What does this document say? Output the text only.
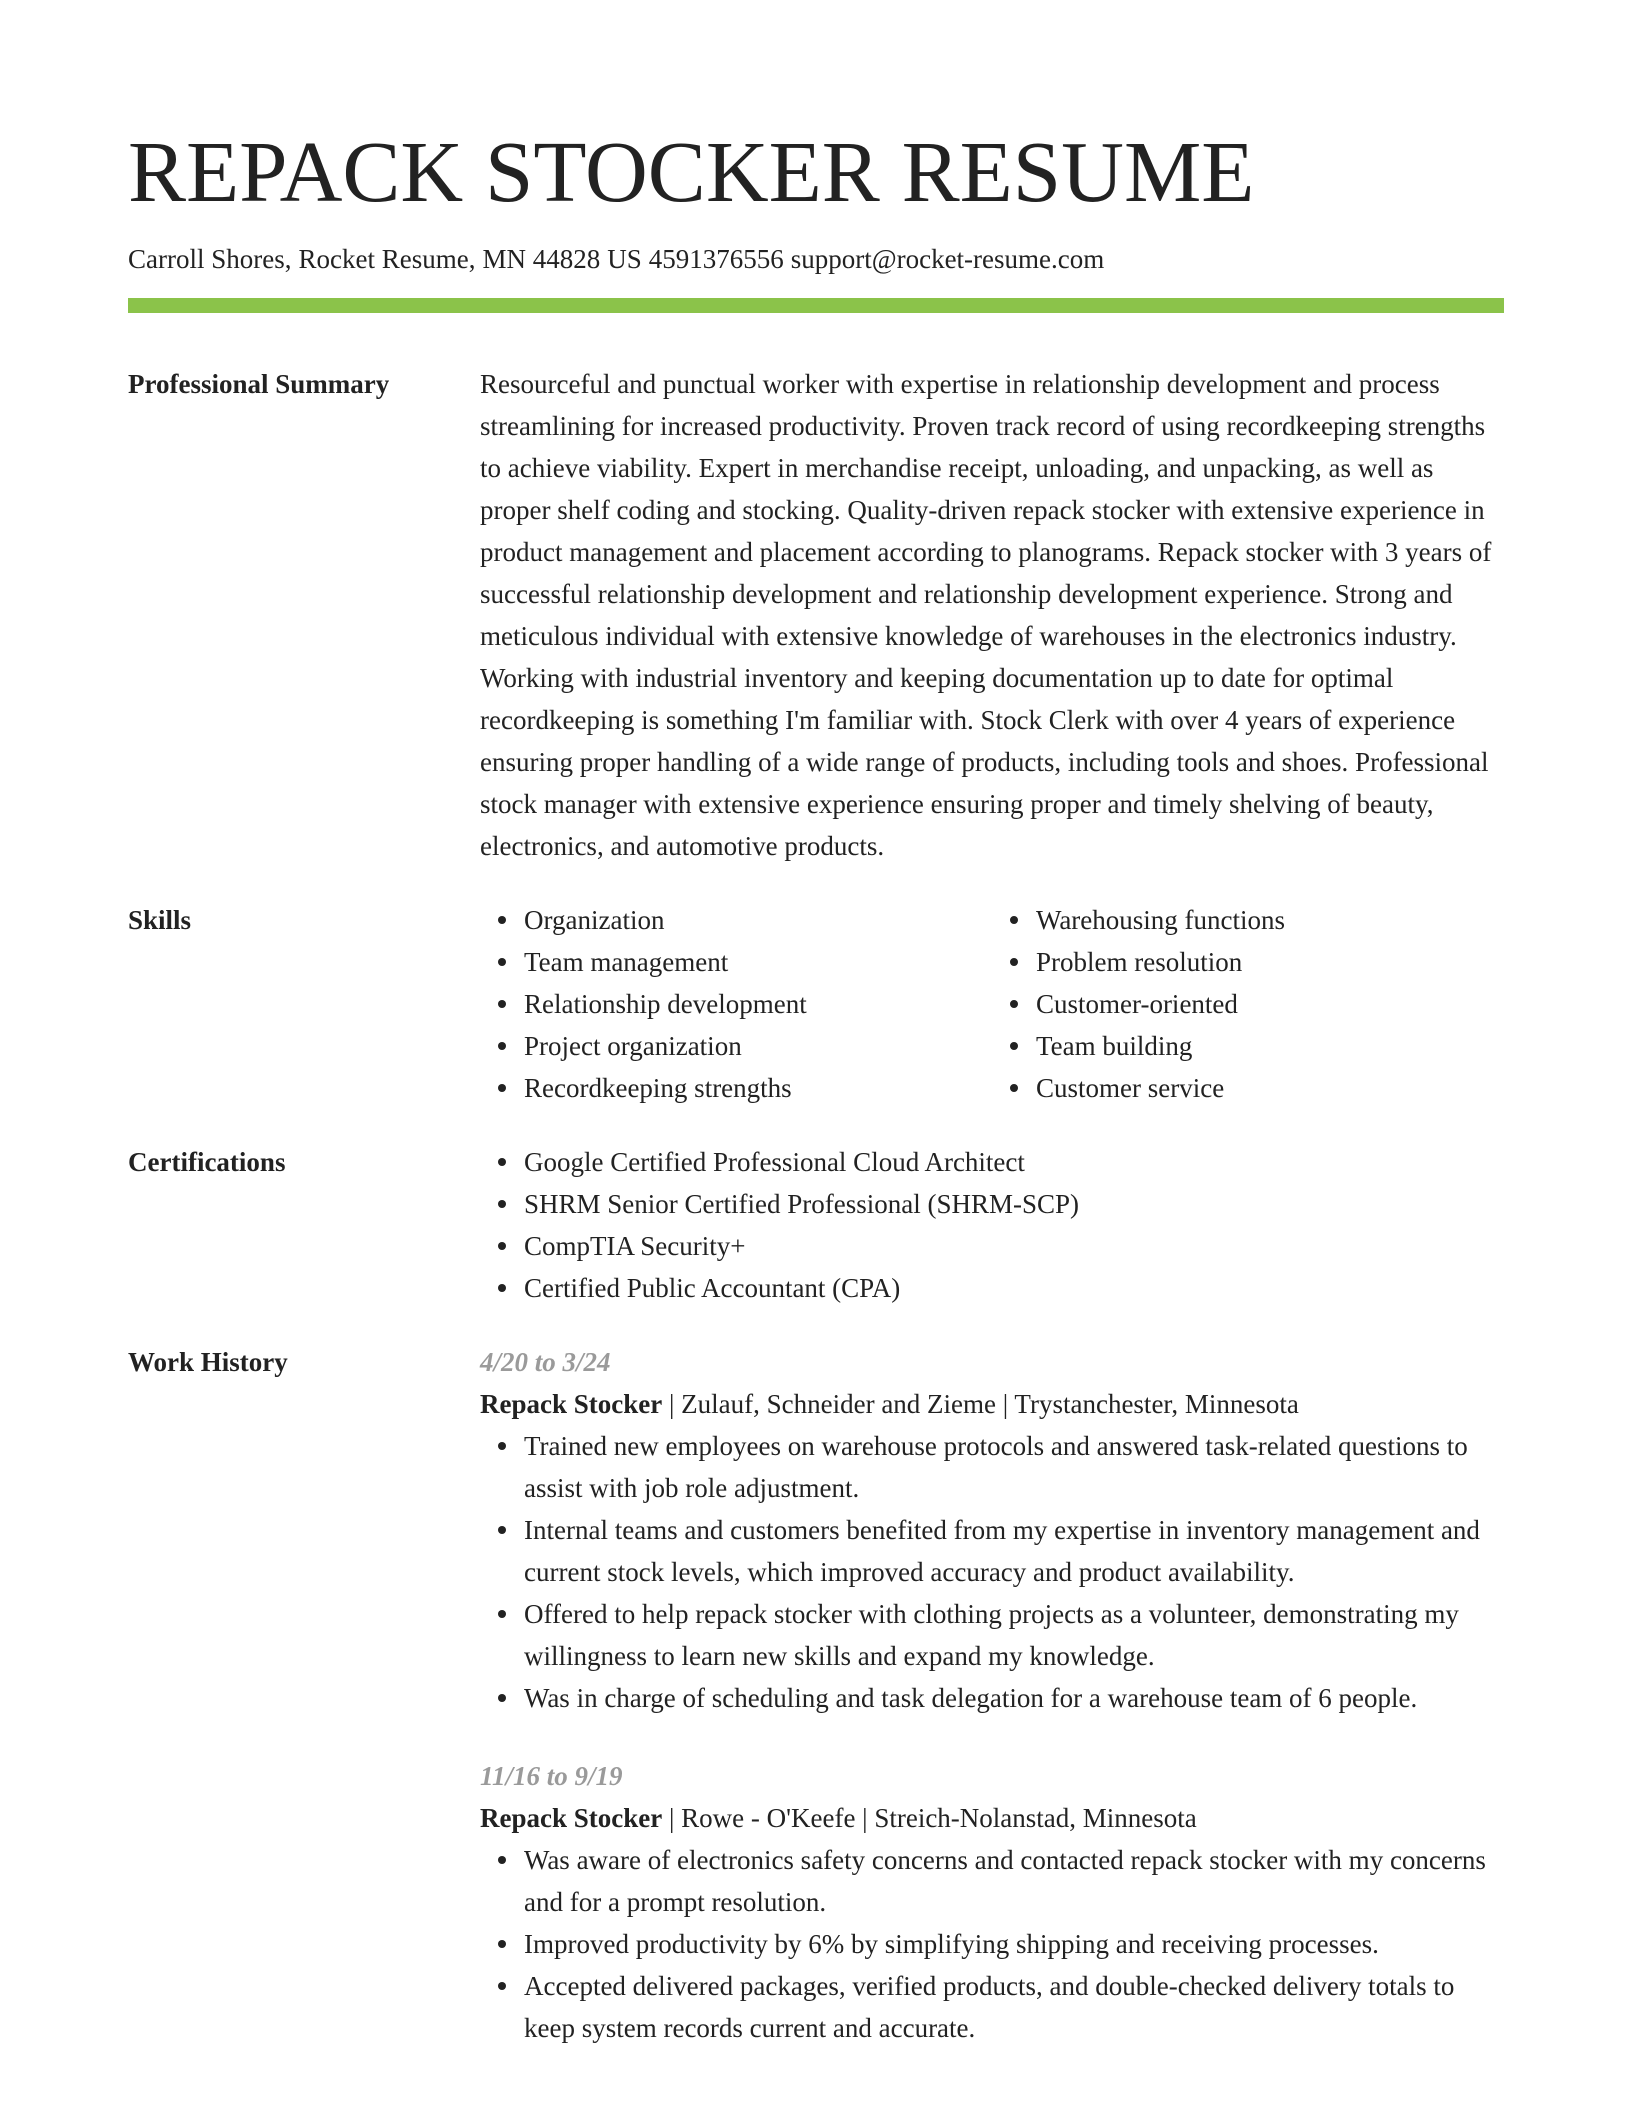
REPACK STOCKER RESUME
Carroll Shores, Rocket Resume, MN 44828 US 4591376556 support@rocket-resume.com
Professional Summary	Resourceful and punctual worker with expertise in relationship development and process streamlining for increased productivity. Proven track record of using recordkeeping strengths to achieve viability. Expert in merchandise receipt, unloading, and unpacking, as well as proper shelf coding and stocking. Quality-driven repack stocker with extensive experience in product management and placement according to planograms. Repack stocker with 3 years of successful relationship development and relationship development experience. Strong and meticulous individual with extensive knowledge of warehouses in the electronics industry. Working with industrial inventory and keeping documentation up to date for optimal recordkeeping is something I'm familiar with. Stock Clerk with over 4 years of experience ensuring proper handling of a wide range of products, including tools and shoes. Professional stock manager with extensive experience ensuring proper and timely shelving of beauty, electronics, and automotive products.

Skills	Organization
Team management
Relationship development
Project organization
Recordkeeping strengths
Warehousing functions
Problem resolution
Customer-oriented
Team building
Customer service
Certifications	Google Certified Professional Cloud Architect
SHRM Senior Certified Professional (SHRM-SCP)
CompTIA Security+
Certified Public Accountant (CPA)
Work History	4/20 to 3/24
Repack Stocker | Zulauf, Schneider and Zieme | Trystanchester, Minnesota
Trained new employees on warehouse protocols and answered task-related questions to assist with job role adjustment.
Internal teams and customers benefited from my expertise in inventory management and current stock levels, which improved accuracy and product availability.
Offered to help repack stocker with clothing projects as a volunteer, demonstrating my willingness to learn new skills and expand my knowledge.
Was in charge of scheduling and task delegation for a warehouse team of 6 people.
11/16 to 9/19
Repack Stocker | Rowe - O'Keefe | Streich-Nolanstad, Minnesota
Was aware of electronics safety concerns and contacted repack stocker with my concerns and for a prompt resolution.
Improved productivity by 6% by simplifying shipping and receiving processes.
Accepted delivered packages, verified products, and double-checked delivery totals to keep system records current and accurate.
